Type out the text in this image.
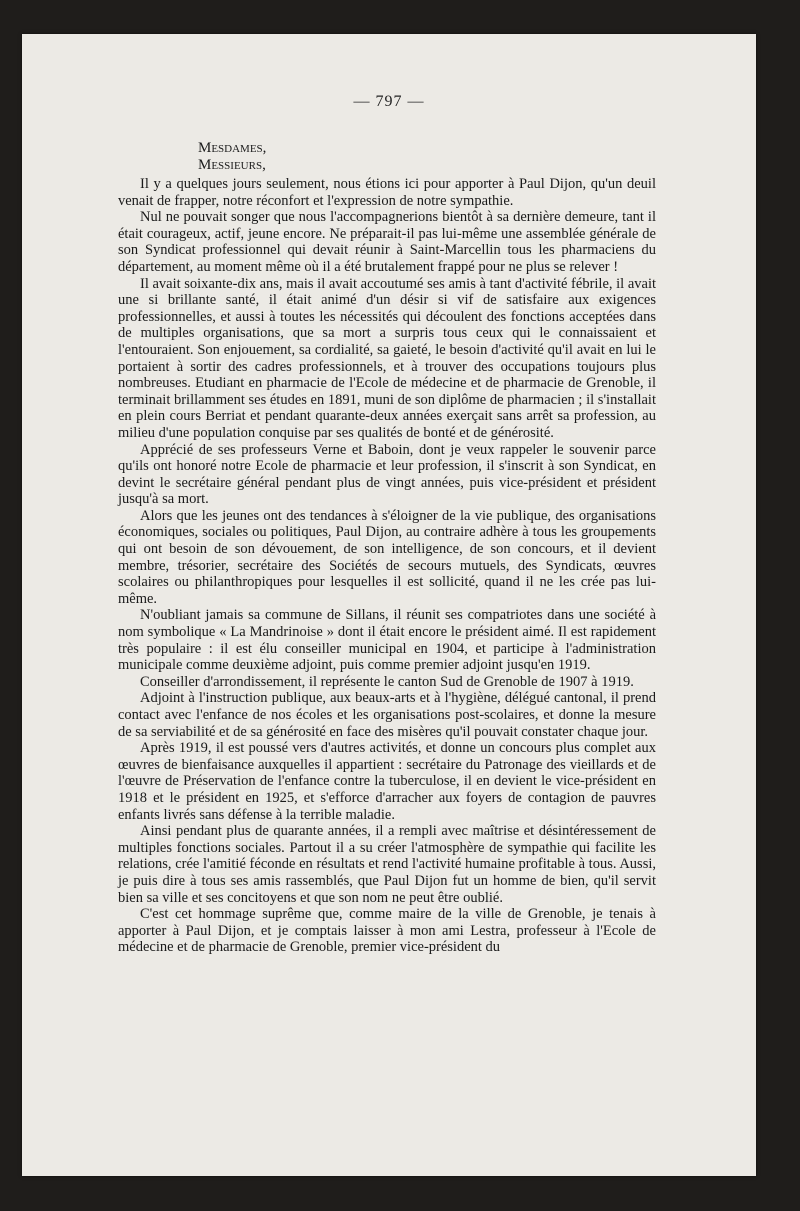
— 797 —
Mesdames,
Messieurs,

Il y a quelques jours seulement, nous étions ici pour apporter à Paul Dijon, qu'un deuil venait de frapper, notre réconfort et l'expression de notre sympathie.

Nul ne pouvait songer que nous l'accompagnerions bientôt à sa dernière demeure, tant il était courageux, actif, jeune encore. Ne préparait-il pas lui-même une assemblée générale de son Syndicat professionnel qui devait réunir à Saint-Marcellin tous les pharmaciens du département, au moment même où il a été brutalement frappé pour ne plus se relever !

Il avait soixante-dix ans, mais il avait accoutumé ses amis à tant d'activité fébrile, il avait une si brillante santé, il était animé d'un désir si vif de satisfaire aux exigences professionnelles, et aussi à toutes les nécessités qui découlent des fonctions acceptées dans de multiples organisations, que sa mort a surpris tous ceux qui le connaissaient et l'entouraient. Son enjouement, sa cordialité, sa gaieté, le besoin d'activité qu'il avait en lui le portaient à sortir des cadres professionnels, et à trouver des occupations toujours plus nombreuses. Etudiant en pharmacie de l'Ecole de médecine et de pharmacie de Grenoble, il terminait brillamment ses études en 1891, muni de son diplôme de pharmacien ; il s'installait en plein cours Berriat et pendant quarante-deux années exerçait sans arrêt sa profession, au milieu d'une population conquise par ses qualités de bonté et de générosité.

Apprécié de ses professeurs Verne et Baboin, dont je veux rappeler le souvenir parce qu'ils ont honoré notre Ecole de pharmacie et leur profession, il s'inscrit à son Syndicat, en devint le secrétaire général pendant plus de vingt années, puis vice-président et président jusqu'à sa mort.

Alors que les jeunes ont des tendances à s'éloigner de la vie publique, des organisations économiques, sociales ou politiques, Paul Dijon, au contraire adhère à tous les groupements qui ont besoin de son dévouement, de son intelligence, de son concours, et il devient membre, trésorier, secrétaire des Sociétés de secours mutuels, des Syndicats, œuvres scolaires ou philanthropiques pour lesquelles il est sollicité, quand il ne les crée pas lui-même.

N'oubliant jamais sa commune de Sillans, il réunit ses compatriotes dans une société à nom symbolique « La Mandrinoise » dont il était encore le président aimé. Il est rapidement très populaire : il est élu conseiller municipal en 1904, et participe à l'administration municipale comme deuxième adjoint, puis comme premier adjoint jusqu'en 1919.

Conseiller d'arrondissement, il représente le canton Sud de Grenoble de 1907 à 1919.

Adjoint à l'instruction publique, aux beaux-arts et à l'hygiène, délégué cantonal, il prend contact avec l'enfance de nos écoles et les organisations post-scolaires, et donne la mesure de sa serviabilité et de sa générosité en face des misères qu'il pouvait constater chaque jour.

Après 1919, il est poussé vers d'autres activités, et donne un concours plus complet aux œuvres de bienfaisance auxquelles il appartient : secrétaire du Patronage des vieillards et de l'œuvre de Préservation de l'enfance contre la tuberculose, il en devient le vice-président en 1918 et le président en 1925, et s'efforce d'arracher aux foyers de contagion de pauvres enfants livrés sans défense à la terrible maladie.

Ainsi pendant plus de quarante années, il a rempli avec maîtrise et désintéressement de multiples fonctions sociales. Partout il a su créer l'atmosphère de sympathie qui facilite les relations, crée l'amitié féconde en résultats et rend l'activité humaine profitable à tous. Aussi, je puis dire à tous ses amis rassemblés, que Paul Dijon fut un homme de bien, qu'il servit bien sa ville et ses concitoyens et que son nom ne peut être oublié.

C'est cet hommage suprême que, comme maire de la ville de Grenoble, je tenais à apporter à Paul Dijon, et je comptais laisser à mon ami Lestra, professeur à l'Ecole de médecine et de pharmacie de Grenoble, premier vice-président du
